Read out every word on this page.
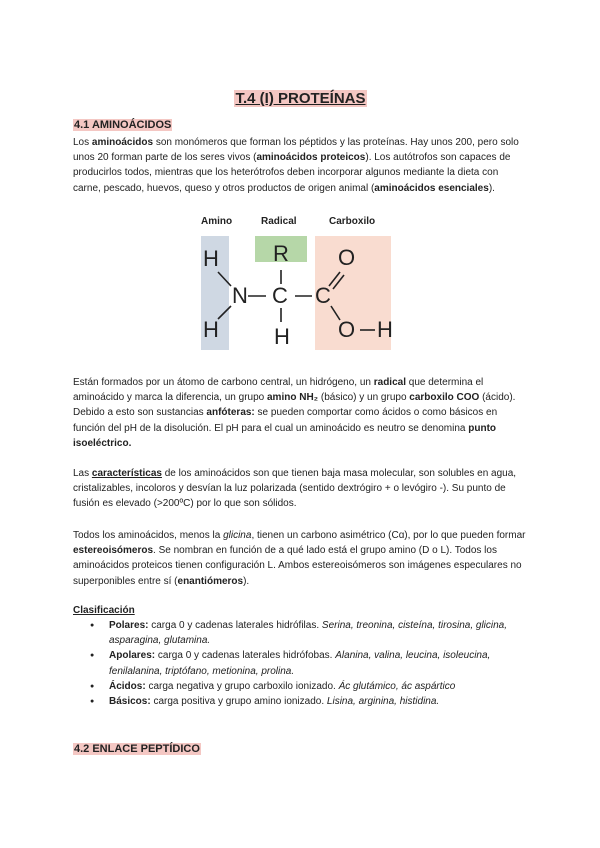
T.4 (I) PROTEÍNAS
4.1 AMINOÁCIDOS
Los aminoácidos son monómeros que forman los péptidos y las proteínas. Hay unos 200, pero solo unos 20 forman parte de los seres vivos (aminoácidos proteicos). Los autótrofos son capaces de producirlos todos, mientras que los heterótrofos deben incorporar algunos mediante la dieta con carne, pescado, huevos, queso y otros productos de origen animal (aminoácidos esenciales).
Amino	Radical	Carboxilo
H
N
H
R
C
H
C
O
O H
Están formados por un átomo de carbono central, un hidrógeno, un radical que determina el aminoácido y marca la diferencia, un grupo amino NH₂ (básico) y un grupo carboxilo COO (ácido). Debido a esto son sustancias anfóteras: se pueden comportar como ácidos o como básicos en función del pH de la disolución. El pH para el cual un aminoácido es neutro se denomina punto isoeléctrico.
Las características de los aminoácidos son que tienen baja masa molecular, son solubles en agua, cristalizables, incoloros y desvían la luz polarizada (sentido dextrógiro + o levógiro -). Su punto de fusión es elevado (>200ºC) por lo que son sólidos.
Todos los aminoácidos, menos la glicina, tienen un carbono asimétrico (Cɑ), por lo que pueden formar estereoisómeros. Se nombran en función de a qué lado está el grupo amino (D o L). Todos los aminoácidos proteicos tienen configuración L. Ambos estereoisómeros son imágenes especulares no superponibles entre sí (enantiómeros).
Clasificación
● Polares: carga 0 y cadenas laterales hidrófilas. Serina, treonina, cisteína, tirosina, glicina, asparagina, glutamina.
● Apolares: carga 0 y cadenas laterales hidrófobas. Alanina, valina, leucina, isoleucina, fenilalanina, triptófano, metionina, prolina.
● Ácidos: carga negativa y grupo carboxilo ionizado. Ác glutámico, ác aspártico
● Básicos: carga positiva y grupo amino ionizado. Lisina, arginina, histidina.
4.2 ENLACE PEPTÍDICO
